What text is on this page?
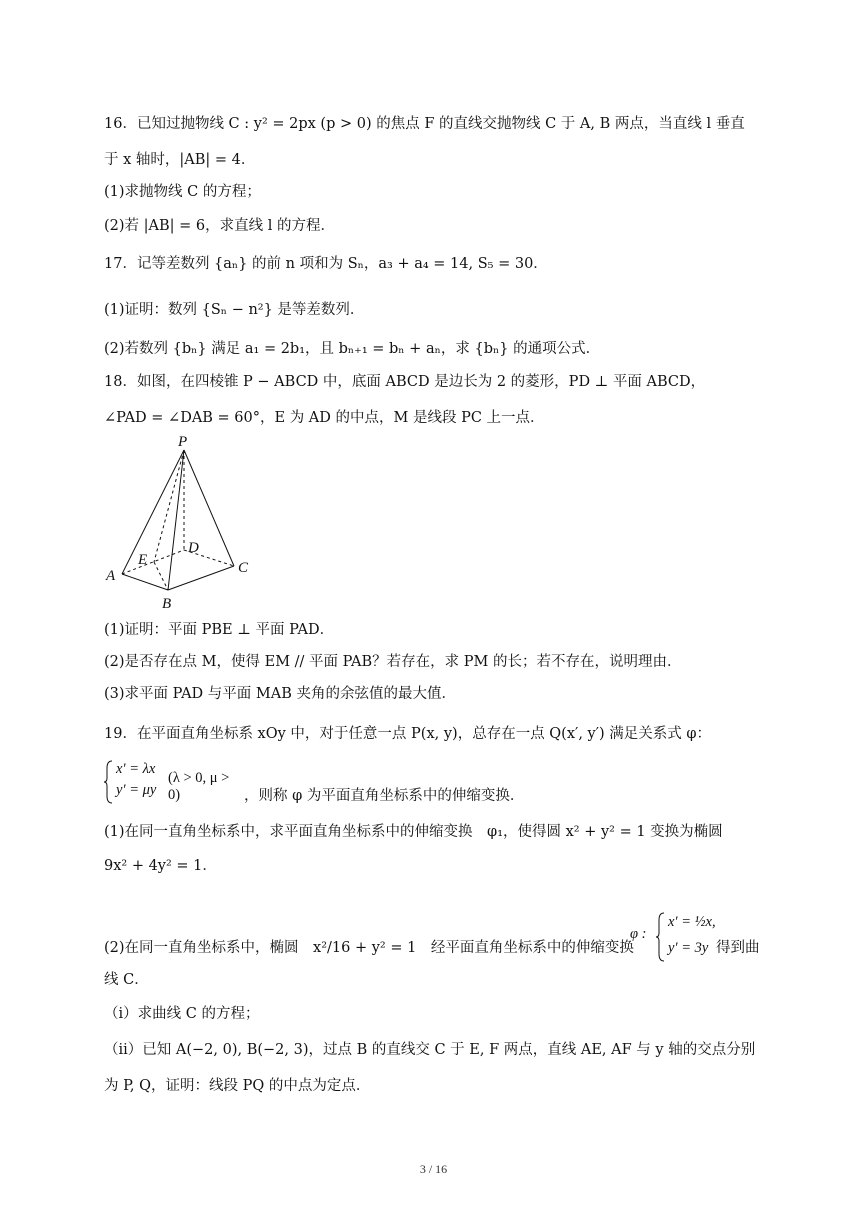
16．已知过抛物线 C : y² = 2px (p > 0) 的焦点 F 的直线交抛物线 C 于 A, B 两点，当直线 l 垂直
于 x 轴时，|AB| = 4．
(1)求抛物线 C 的方程；
(2)若 |AB| = 6，求直线 l 的方程．
17．记等差数列 {aₙ} 的前 n 项和为 Sₙ，a₃ + a₄ = 14, S₅ = 30．
(1)证明：数列 {Sₙ − n²} 是等差数列．
(2)若数列 {bₙ} 满足 a₁ = 2b₁，且 bₙ₊₁ = bₙ + aₙ，求 {bₙ} 的通项公式．
18．如图，在四棱锥 P − ABCD 中，底面 ABCD 是边长为 2 的菱形，PD ⊥ 平面 ABCD，
∠PAD = ∠DAB = 60°，E 为 AD 的中点，M 是线段 PC 上一点．
P
A
B
C
D
E
(1)证明：平面 PBE ⊥ 平面 PAD．
(2)是否存在点 M，使得 EM // 平面 PAB？若存在，求 PM 的长；若不存在，说明理由．
(3)求平面 PAD 与平面 MAB 夹角的余弦值的最大值．
19．在平面直角坐标系 xOy 中，对于任意一点 P(x, y)，总存在一点 Q(x′, y′) 满足关系式 φ：
x′ = λx
y′ = μy
(λ > 0, μ > 0)	，则称 φ 为平面直角坐标系中的伸缩变换．
(1)在同一直角坐标系中，求平面直角坐标系中的伸缩变换　φ₁，使得圆 x² + y² = 1 变换为椭圆
9x² + 4y² = 1．
(2)在同一直角坐标系中，椭圆　x²/16 + y² = 1　经平面直角坐标系中的伸缩变换
φ :
x′ = ½x,
y′ = 3y 得到曲
线 C．
（i）求曲线 C 的方程；
（ii）已知 A(−2, 0), B(−2, 3)，过点 B 的直线交 C 于 E, F 两点，直线 AE, AF 与 y 轴的交点分别
为 P, Q，证明：线段 PQ 的中点为定点．
3 / 16
